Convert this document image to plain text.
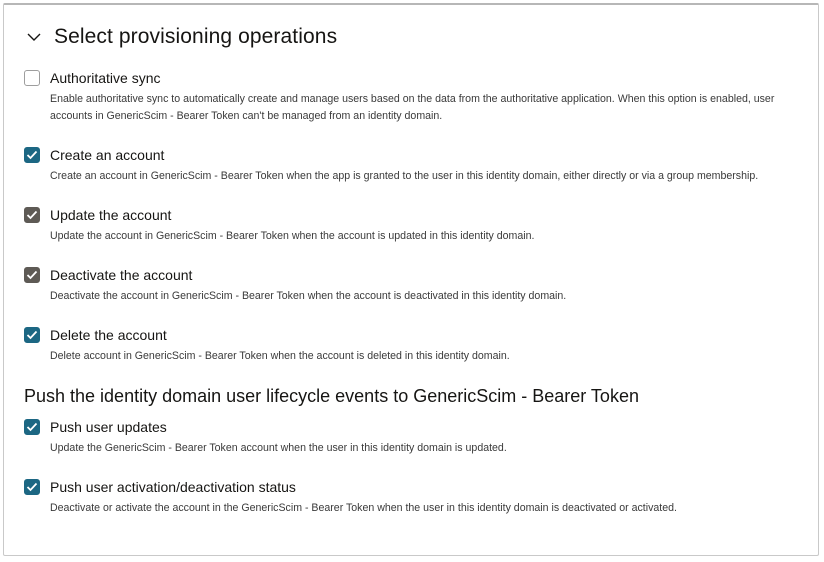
Select provisioning operations
Authoritative sync
Enable authoritative sync to automatically create and manage users based on the data from the authoritative application. When this option is enabled, user accounts in GenericScim - Bearer Token can't be managed from an identity domain.
Create an account
Create an account in GenericScim - Bearer Token when the app is granted to the user in this identity domain, either directly or via a group membership.
Update the account
Update the account in GenericScim - Bearer Token when the account is updated in this identity domain.
Deactivate the account
Deactivate the account in GenericScim - Bearer Token when the account is deactivated in this identity domain.
Delete the account
Delete account in GenericScim - Bearer Token when the account is deleted in this identity domain.
Push the identity domain user lifecycle events to GenericScim - Bearer Token
Push user updates
Update the GenericScim - Bearer Token account when the user in this identity domain is updated.
Push user activation/deactivation status
Deactivate or activate the account in the GenericScim - Bearer Token when the user in this identity domain is deactivated or activated.
